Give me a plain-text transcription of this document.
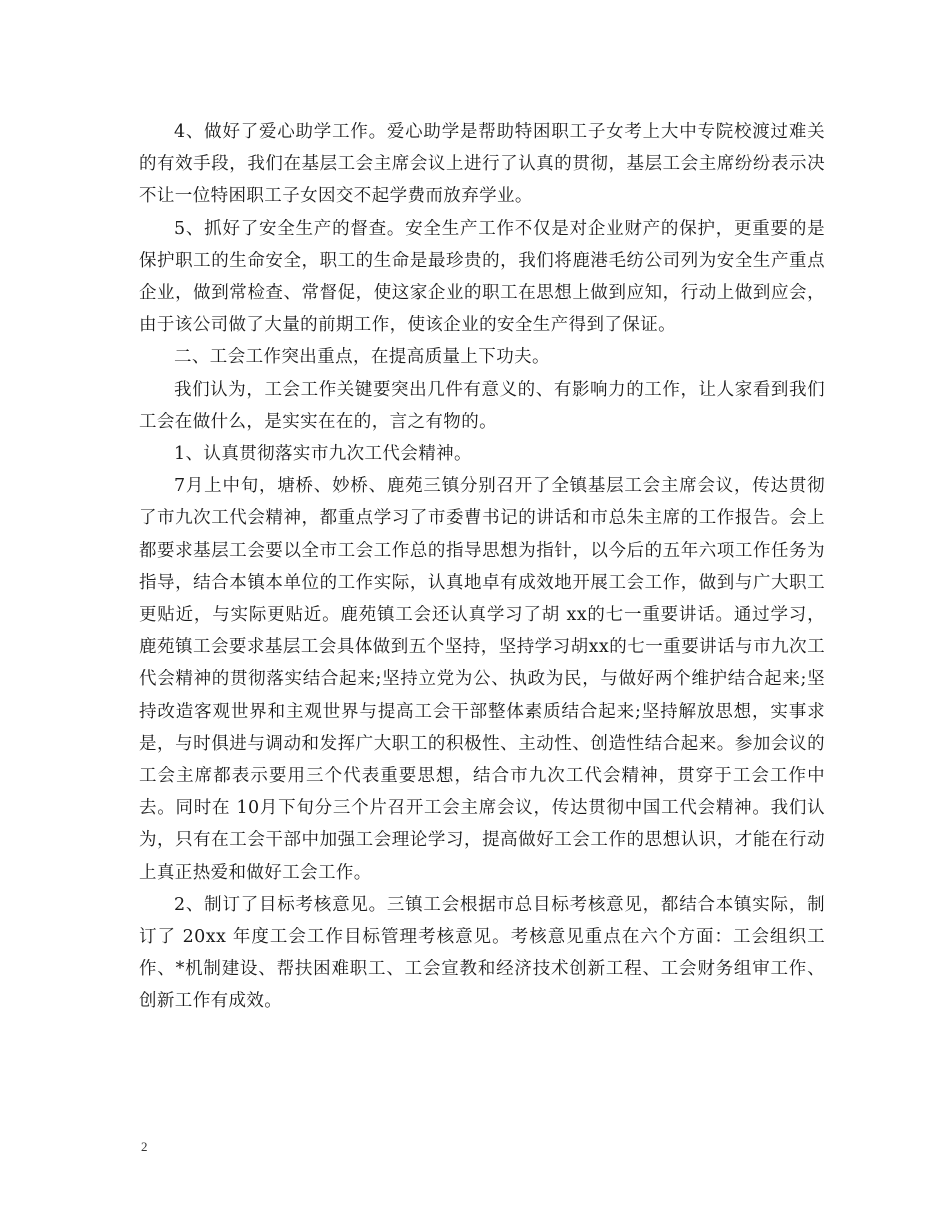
4、做好了爱心助学工作。爱心助学是帮助特困职工子女考上大中专院校渡过难关的有效手段，我们在基层工会主席会议上进行了认真的贯彻，基层工会主席纷纷表示决不让一位特困职工子女因交不起学费而放弃学业。

5、抓好了安全生产的督查。安全生产工作不仅是对企业财产的保护，更重要的是保护职工的生命安全，职工的生命是最珍贵的，我们将鹿港毛纺公司列为安全生产重点企业，做到常检查、常督促，使这家企业的职工在思想上做到应知，行动上做到应会，由于该公司做了大量的前期工作，使该企业的安全生产得到了保证。

二、工会工作突出重点，在提高质量上下功夫。

我们认为，工会工作关键要突出几件有意义的、有影响力的工作，让人家看到我们工会在做什么，是实实在在的，言之有物的。

1、认真贯彻落实市九次工代会精神。

7月上中旬，塘桥、妙桥、鹿苑三镇分别召开了全镇基层工会主席会议，传达贯彻了市九次工代会精神，都重点学习了市委曹书记的讲话和市总朱主席的工作报告。会上都要求基层工会要以全市工会工作总的指导思想为指针，以今后的五年六项工作任务为指导，结合本镇本单位的工作实际，认真地卓有成效地开展工会工作，做到与广大职工更贴近，与实际更贴近。鹿苑镇工会还认真学习了胡 xx的七一重要讲话。通过学习，鹿苑镇工会要求基层工会具体做到五个坚持，坚持学习胡xx的七一重要讲话与市九次工代会精神的贯彻落实结合起来;坚持立党为公、执政为民，与做好两个维护结合起来;坚持改造客观世界和主观世界与提高工会干部整体素质结合起来;坚持解放思想，实事求是，与时俱进与调动和发挥广大职工的积极性、主动性、创造性结合起来。参加会议的工会主席都表示要用三个代表重要思想，结合市九次工代会精神，贯穿于工会工作中去。同时在 10月下旬分三个片召开工会主席会议，传达贯彻中国工代会精神。我们认为，只有在工会干部中加强工会理论学习，提高做好工会工作的思想认识，才能在行动上真正热爱和做好工会工作。

2、制订了目标考核意见。三镇工会根据市总目标考核意见，都结合本镇实际，制订了 20xx 年度工会工作目标管理考核意见。考核意见重点在六个方面：工会组织工作、*机制建设、帮扶困难职工、工会宣教和经济技术创新工程、工会财务组审工作、创新工作有成效。

2
